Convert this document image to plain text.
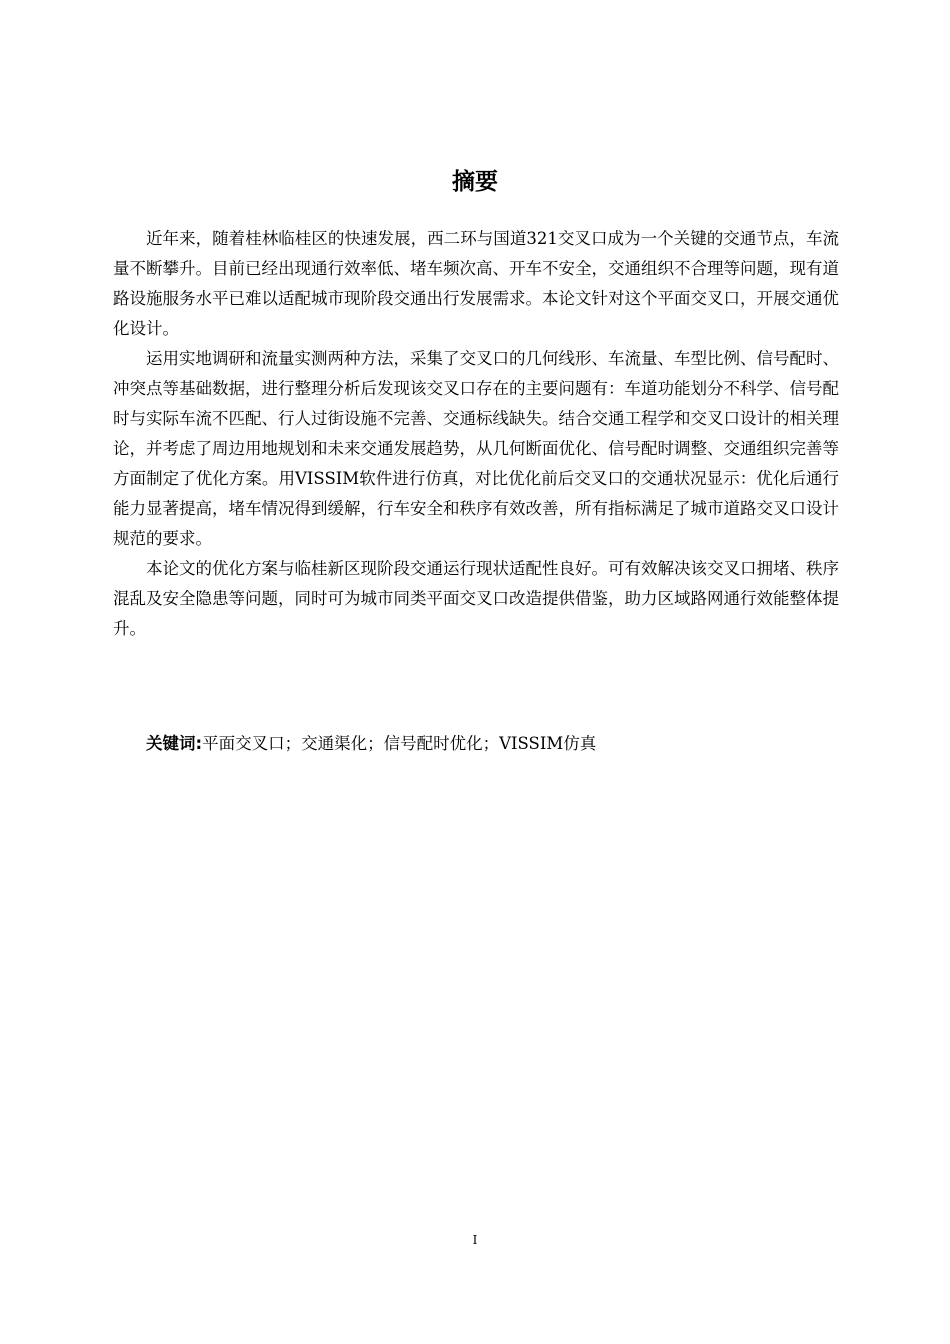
摘要

近年来，随着桂林临桂区的快速发展，西二环与国道321交叉口成为一个关键的交通节点，车流量不断攀升。目前已经出现通行效率低、堵车频次高、开车不安全，交通组织不合理等问题，现有道路设施服务水平已难以适配城市现阶段交通出行发展需求。本论文针对这个平面交叉口，开展交通优化设计。

运用实地调研和流量实测两种方法，采集了交叉口的几何线形、车流量、车型比例、信号配时、冲突点等基础数据，进行整理分析后发现该交叉口存在的主要问题有：车道功能划分不科学、信号配时与实际车流不匹配、行人过街设施不完善、交通标线缺失。结合交通工程学和交叉口设计的相关理论，并考虑了周边用地规划和未来交通发展趋势，从几何断面优化、信号配时调整、交通组织完善等方面制定了优化方案。用VISSIM软件进行仿真，对比优化前后交叉口的交通状况显示：优化后通行能力显著提高，堵车情况得到缓解，行车安全和秩序有效改善，所有指标满足了城市道路交叉口设计规范的要求。

本论文的优化方案与临桂新区现阶段交通运行现状适配性良好。可有效解决该交叉口拥堵、秩序混乱及安全隐患等问题，同时可为城市同类平面交叉口改造提供借鉴，助力区域路网通行效能整体提升。

关键词:平面交叉口；交通渠化；信号配时优化；VISSIM仿真
I
